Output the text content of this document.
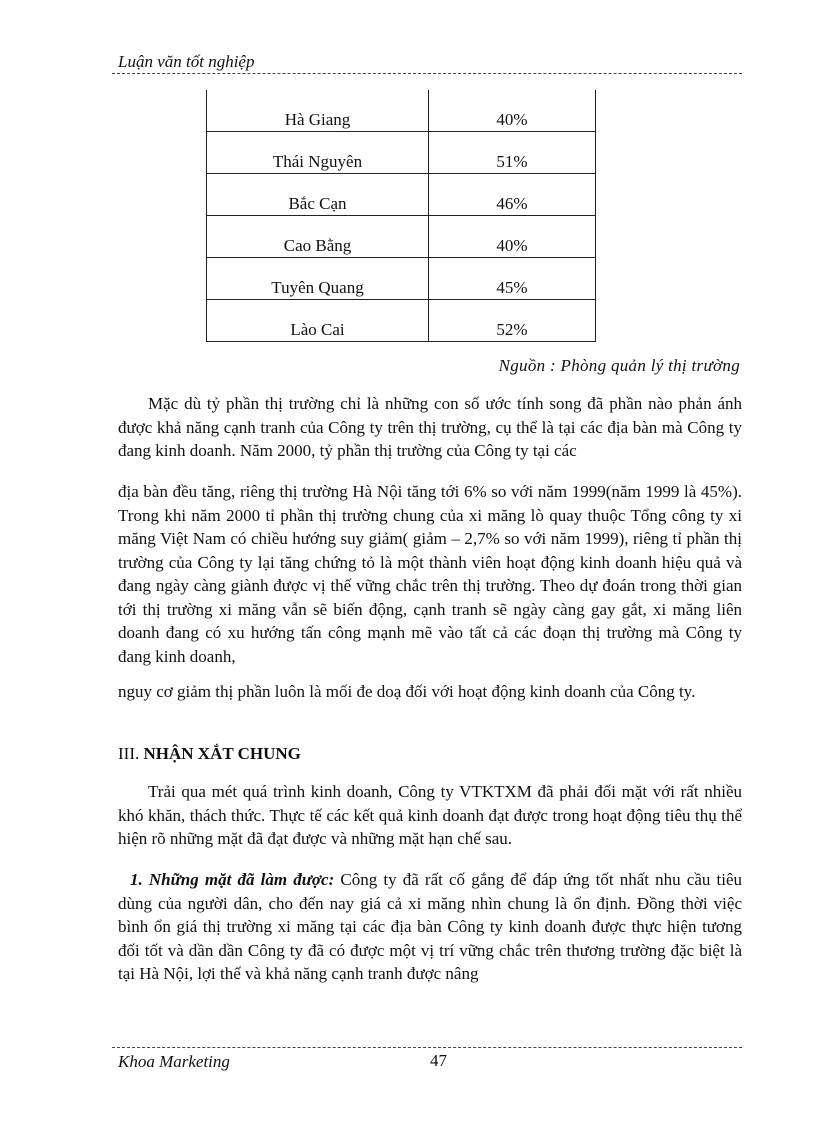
Luận văn tốt nghiệp
Hà Giang	40%
Thái Nguyên	51%
Bắc Cạn	46%
Cao Bằng	40%
Tuyên Quang	45%
Lào Cai	52%
Nguồn : Phòng quản lý thị trường
Mặc dù tỷ phần thị trường chỉ là những con số ước tính song đã phần nào phản ánh được khả năng cạnh tranh của Công ty trên thị trường, cụ thể là tại các địa bàn mà Công ty đang kinh doanh. Năm 2000, tỷ phần thị trường của Công ty tại các
địa bàn đều tăng, riêng thị trường Hà Nội tăng tới 6% so với năm 1999(năm 1999 là 45%). Trong khi năm 2000 tỉ phần thị trường chung của xi măng lò quay thuộc Tổng công ty xi măng Việt Nam có chiều hướng suy giảm( giảm – 2,7% so với năm 1999), riêng tỉ phần thị trường của Công ty lại tăng chứng tỏ là một thành viên hoạt động kinh doanh hiệu quả và đang ngày càng giành được vị thế vững chắc trên thị trường. Theo dự đoán trong thời gian tới thị trường xi măng vẫn sẽ biến động, cạnh tranh sẽ ngày càng gay gắt, xi măng liên doanh đang có xu hướng tấn công mạnh mẽ vào tất cả các đoạn thị trường mà Công ty đang kinh doanh,
nguy cơ giảm thị phần luôn là mối đe doạ đối với hoạt động kinh doanh của Công ty.
III. NHẬN XẮT CHUNG
Trải qua mét quá trình kinh doanh, Công ty VTKTXM đã phải đối mặt với rất nhiều khó khăn, thách thức. Thực tế các kết quả kinh doanh đạt được trong hoạt động tiêu thụ thể hiện rõ những mặt đã đạt được và những mặt hạn chế sau.
1. Những mặt đã làm được: Công ty đã rất cố gắng để đáp ứng tốt nhất nhu cầu tiêu dùng của người dân, cho đến nay giá cả xi măng nhìn chung là ổn định. Đồng thời việc bình ổn giá thị trường xi măng tại các địa bàn Công ty kinh doanh được thực hiện tương đối tốt và dần dần Công ty đã có được một vị trí vững chắc trên thương trường đặc biệt là tại Hà Nội, lợi thế và khả năng cạnh tranh được nâng
Khoa Marketing	47
